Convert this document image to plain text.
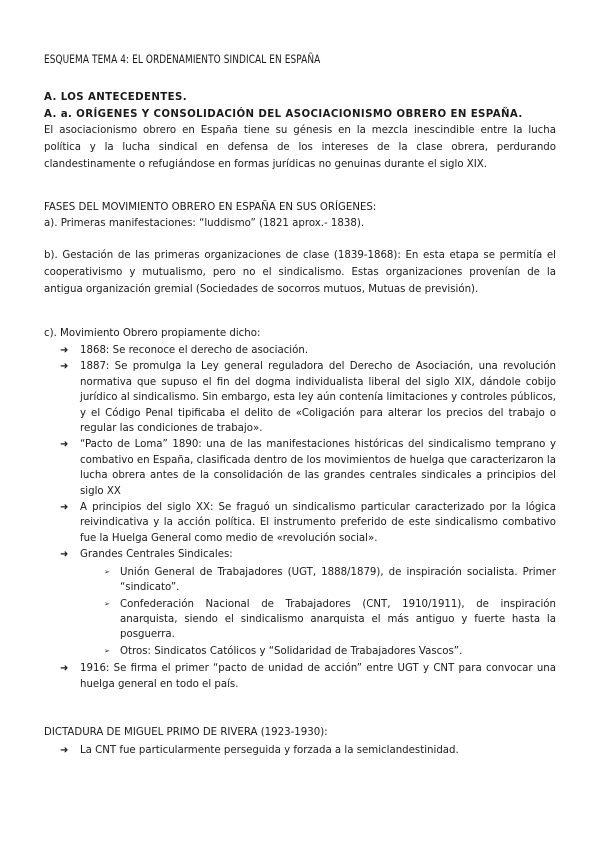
ESQUEMA TEMA 4: EL ORDENAMIENTO SINDICAL EN ESPAÑA
A. LOS ANTECEDENTES.
A. a. ORÍGENES Y CONSOLIDACIÓN DEL ASOCIACIONISMO OBRERO EN ESPAÑA.
El asociacionismo obrero en España tiene su génesis en la mezcla inescindible entre la lucha política y la lucha sindical en defensa de los intereses de la clase obrera, perdurando clandestinamente o refugiándose en formas jurídicas no genuinas durante el siglo XIX.
FASES DEL MOVIMIENTO OBRERO EN ESPAÑA EN SUS ORÍGENES:
a). Primeras manifestaciones: “luddismo” (1821 aprox.- 1838).
b). Gestación de las primeras organizaciones de clase (1839-1868): En esta etapa se permitía el cooperativismo y mutualismo, pero no el sindicalismo. Estas organizaciones provenían de la antigua organización gremial (Sociedades de socorros mutuos, Mutuas de previsión).
c). Movimiento Obrero propiamente dicho:
➜ 1868: Se reconoce el derecho de asociación.
➜ 1887: Se promulga la Ley general reguladora del Derecho de Asociación, una revolución normativa que supuso el fin del dogma individualista liberal del siglo XIX, dándole cobijo jurídico al sindicalismo. Sin embargo, esta ley aún contenía limitaciones y controles públicos, y el Código Penal tipificaba el delito de «Coligación para alterar los precios del trabajo o regular las condiciones de trabajo».
➜ “Pacto de Loma” 1890: una de las manifestaciones históricas del sindicalismo temprano y combativo en España, clasificada dentro de los movimientos de huelga que caracterizaron la lucha obrera antes de la consolidación de las grandes centrales sindicales a principios del siglo XX
➜ A principios del siglo XX: Se fraguó un sindicalismo particular caracterizado por la lógica reivindicativa y la acción política. El instrumento preferido de este sindicalismo combativo fue la Huelga General como medio de «revolución social».
➜ Grandes Centrales Sindicales:
➢ Unión General de Trabajadores (UGT, 1888/1879), de inspiración socialista. Primer “sindicato”.
➢ Confederación Nacional de Trabajadores (CNT, 1910/1911), de inspiración anarquista, siendo el sindicalismo anarquista el más antiguo y fuerte hasta la posguerra.
➢ Otros: Sindicatos Católicos y “Solidaridad de Trabajadores Vascos”.
➜ 1916: Se firma el primer “pacto de unidad de acción” entre UGT y CNT para convocar una huelga general en todo el país.
DICTADURA DE MIGUEL PRIMO DE RIVERA (1923-1930):
➜ La CNT fue particularmente perseguida y forzada a la semiclandestinidad.
